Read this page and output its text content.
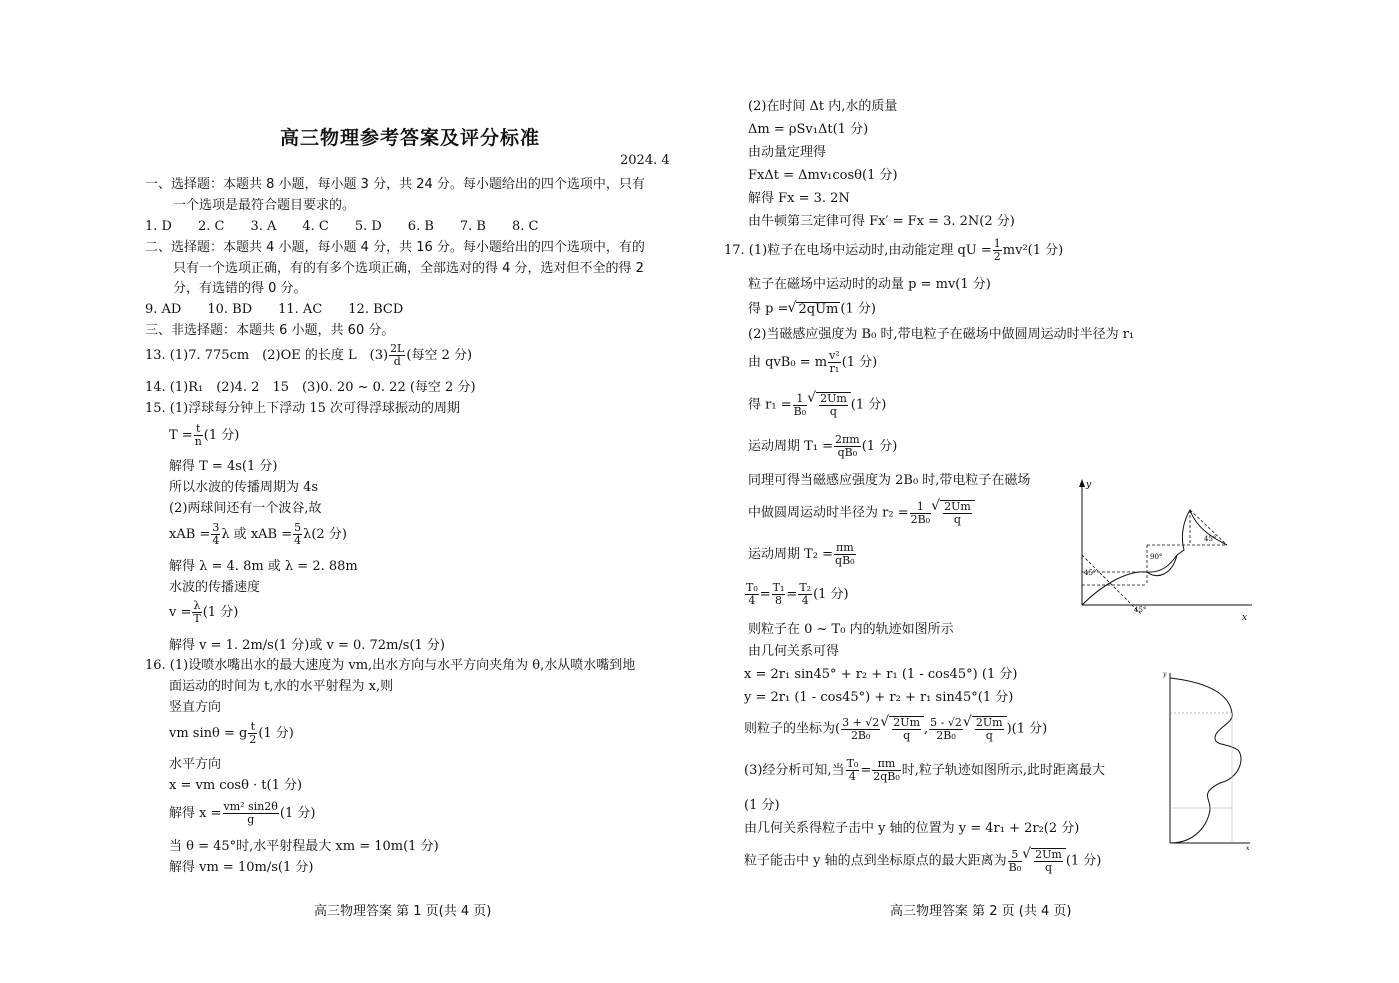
高三物理参考答案及评分标准
2024. 4
一、选择题：本题共 8 小题，每小题 3 分，共 24 分。每小题给出的四个选项中，只有
一个选项是最符合题目要求的。
1. D　　2. C　　3. A　　4. C　　5. D　　6. B　　7. B　　8. C
二、选择题：本题共 4 小题，每小题 4 分，共 16 分。每小题给出的四个选项中，有的
只有一个选项正确，有的有多个选项正确，全部选对的得 4 分，选对但不全的得 2
分，有选错的得 0 分。
9. AD　　10. BD　　11. AC　　12. BCD
三、非选择题：本题共 6 小题，共 60 分。
13. (1)7. 775cm　(2)OE 的长度 L　$(3) \frac{2L}{d}$ (每空 2 分)
14. (1)R₁　(2)4. 2　15　(3)0. 20 ~ 0. 22 (每空 2 分)
15. (1)浮球每分钟上下浮动 15 次可得浮球振动的周期
$T = \frac{t}{n} (1$ 分)
解得 T = 4s(1 分)
所以水波的传播周期为 4s
(2)两球间还有一个波谷,故
xAB = $\frac{3}{4}$ λ 或 xAB = $\frac{5}{4} \lambda(2$ 分)
解得 λ = 4. 8m 或 λ = 2. 88m
水波的传播速度
$v = \frac{\lambda}{T} (1$ 分)
解得 v = 1. 2m/s(1 分)或 v = 0. 72m/s(1 分)
16. (1)设喷水嘴出水的最大速度为 vm,出水方向与水平方向夹角为 θ,水从喷水嘴到地
面运动的时间为 t,水的水平射程为 x,则
竖直方向
vm sinθ = g $\frac{t}{2} (1$ 分)
水平方向
x = vm cosθ · t(1 分)
解得 $x = \frac{\text{vm² sin2θ}}{g} (1$ 分)
当 θ = 45°时,水平射程最大 xm = 10m(1 分)
解得 vm = 10m/s(1 分)
(2)在时间 Δt 内,水的质量
Δm = ρSv₁Δt(1 分)
由动量定理得
FxΔt = Δmv₁cosθ(1 分)
解得 Fx = 3. 2N
由牛顿第三定律可得 Fx′ = Fx = 3. 2N(2 分)
17. (1)粒子在电场中运动时,由动能定理 qU = $\frac{1}{2} mv^2(1$ 分)
粒子在磁场中运动时的动量 p = mv(1 分)
得 p = √ 2qUm (1 分)
(2)当磁感应强度为 B₀ 时,带电粒子在磁场中做圆周运动时半径为 r₁
由 qvB₀ = m $\frac{\text{v²}}{\text{r₁}} (1$ 分)
得 $r_1 = \frac{1}{\text{B₀}}$ √ $\frac{2Um}{q} (1$ 分)
运动周期 $T_1 = \frac{2\pi m}{\text{qB₀}} (1$ 分)
同理可得当磁感应强度为 2B₀ 时,带电粒子在磁场
中做圆周运动时半径为 $r_2 = \frac{1}{\text{2B₀}}$ √ $\frac{2Um}{q}$
运动周期 $T_2 = \frac{\pi m}{\text{qB₀}}$
$\frac{\text{T₀}}{4} = \frac{\text{T₁}}{8} = \frac{\text{T₂}}{4} (1$ 分)
则粒子在 0 ~ T₀ 内的轨迹如图所示
由几何关系可得
x = 2r₁ sin45° + r₂ + r₁ (1 - cos45°) (1 分)
y = 2r₁ (1 - cos45°) + r₂ + r₁ sin45°(1 分)
则粒子的坐标为( $\frac{3 + √2}{\text{2B₀}}$ √ $\frac{2Um}{q}$ , $\frac{5 - √2}{\text{2B₀}}$ √ $\frac{2Um}{q} )(1$ 分)
(3)经分析可知,当 $\frac{\text{T₀}}{4} = \frac{\pi m}{\text{2qB₀}}$ 时,粒子轨迹如图所示,此时距离最大
(1 分)
由几何关系得粒子击中 y 轴的位置为 y = 4r₁ + 2r₂(2 分)
粒子能击中 y 轴的点到坐标原点的最大距离为 $\frac{5}{\text{B₀}}$ √ $\frac{2Um}{q} (1$ 分)
y
x
45°
90°
45°
45°
y
x
高三物理答案 第 1 页(共 4 页)	高三物理答案 第 2 页 (共 4 页)
